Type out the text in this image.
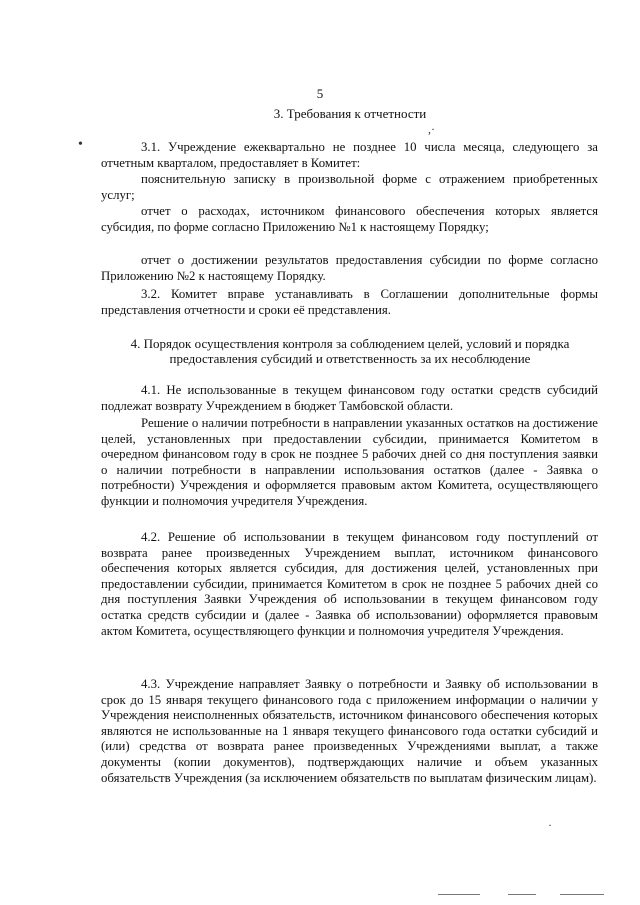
5
3. Требования к отчетности
,·
•	3.1. Учреждение ежеквартально не позднее 10 числа месяца, следующего за отчетным кварталом, предоставляет в Комитет:
пояснительную записку в произвольной форме с отражением приобретенных услуг;
отчет о расходах, источником финансового обеспечения которых является субсидия, по форме согласно Приложению №1 к настоящему Порядку;
отчет о достижении результатов предоставления субсидии по форме согласно Приложению №2 к настоящему Порядку.
3.2. Комитет вправе устанавливать в Соглашении дополнительные формы представления отчетности и сроки её представления.
4. Порядок осуществления контроля за соблюдением целей, условий и порядка предоставления субсидий и ответственность за их несоблюдение
4.1. Не использованные в текущем финансовом году остатки средств субсидий подлежат возврату Учреждением в бюджет Тамбовской области.
Решение о наличии потребности в направлении указанных остатков на достижение целей, установленных при предоставлении субсидии, принимается Комитетом в очередном финансовом году в срок не позднее 5 рабочих дней со дня поступления заявки о наличии потребности в направлении использования остатков (далее - Заявка о потребности) Учреждения и оформляется правовым актом Комитета, осуществляющего функции и полномочия учредителя Учреждения.
4.2. Решение об использовании в текущем финансовом году поступлений от возврата ранее произведенных Учреждением выплат, источником финансового обеспечения которых является субсидия, для достижения целей, установленных при предоставлении субсидии, принимается Комитетом в срок не позднее 5 рабочих дней со дня поступления Заявки Учреждения об использовании в текущем финансовом году остатка средств субсидии и (далее - Заявка об использовании) оформляется правовым актом Комитета, осуществляющего функции и полномочия учредителя Учреждения.
4.3. Учреждение направляет Заявку о потребности и Заявку об использовании в срок до 15 января текущего финансового года с приложением информации о наличии у Учреждения неисполненных обязательств, источником финансового обеспечения которых являются не использованные на 1 января текущего финансового года остатки субсидий и (или) средства от возврата ранее произведенных Учреждениями выплат, а также документы (копии документов), подтверждающих наличие и объем указанных обязательств Учреждения (за исключением обязательств по выплатам физическим лицам).
·
